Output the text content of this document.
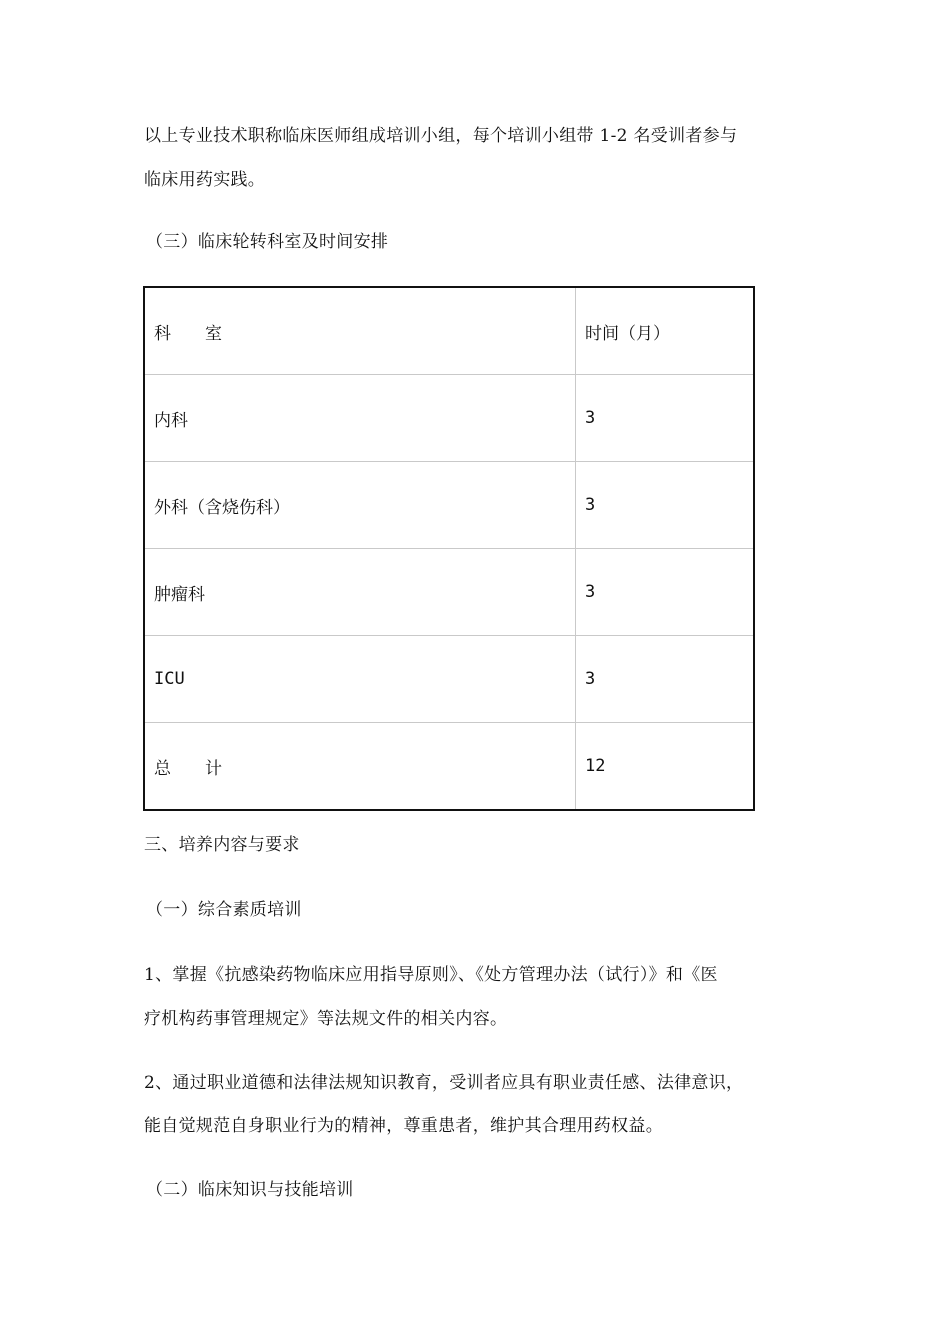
以上专业技术职称临床医师组成培训小组，每个培训小组带 1-2 名受训者参与
临床用药实践。
（三）临床轮转科室及时间安排
科　　室	时间（月）
内科	3
外科（含烧伤科）	3
肿瘤科	3
ICU	3
总　　计	12
三、培养内容与要求
（一）综合素质培训
1、掌握《抗感染药物临床应用指导原则》、《处方管理办法（试行）》和《医
疗机构药事管理规定》等法规文件的相关内容。
2、通过职业道德和法律法规知识教育，受训者应具有职业责任感、法律意识，
能自觉规范自身职业行为的精神，尊重患者，维护其合理用药权益。
（二）临床知识与技能培训
